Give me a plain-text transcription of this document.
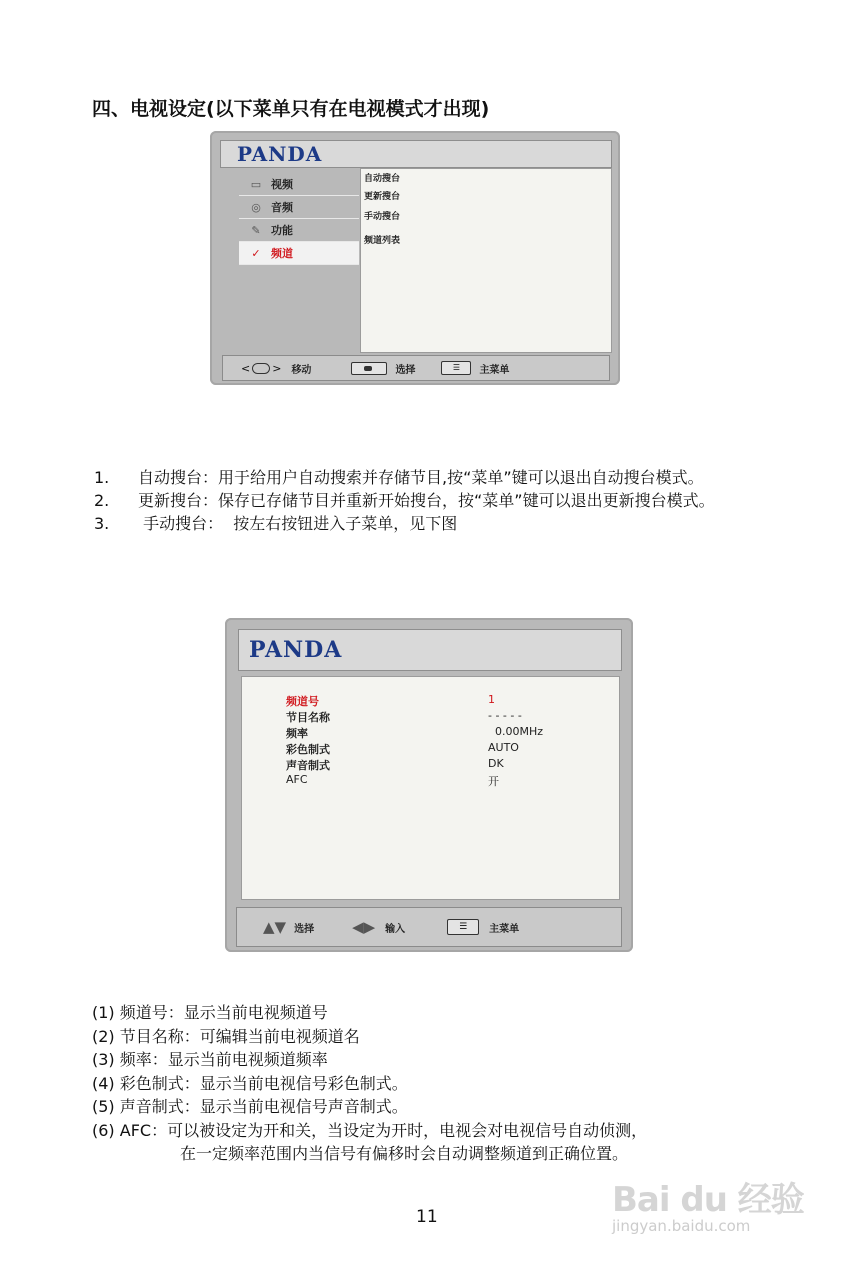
四、电视设定(以下菜单只有在电视模式才出现)
PANDA
▭ 视频
◎ 音频
✎ 功能
✓ 频道
自动搜台
更新搜台
手动搜台
频道列表
< > 移动	选择	☰	主菜单
1. 自动搜台：用于给用户自动搜索并存储节目,按“菜单”键可以退出自动搜台模式。
2. 更新搜台：保存已存储节目并重新开始搜台，按“菜单”键可以退出更新搜台模式。
3. 手动搜台：  按左右按钮进入子菜单，见下图
PANDA
频道号	1
节目名称	- - - - -
频率	0.00MHz
彩色制式	AUTO
声音制式	DK
AFC	开
▲▼ 选择	◀▶ 输入	☰	主菜单
(1) 频道号：显示当前电视频道号
(2) 节目名称：可编辑当前电视频道名
(3) 频率：显示当前电视频道频率
(4) 彩色制式：显示当前电视信号彩色制式。
(5) 声音制式：显示当前电视信号声音制式。
(6) AFC：可以被设定为开和关，当设定为开时，电视会对电视信号自动侦测，
在一定频率范围内当信号有偏移时会自动调整频道到正确位置。
11	Bai du 经验
jingyan.baidu.com
